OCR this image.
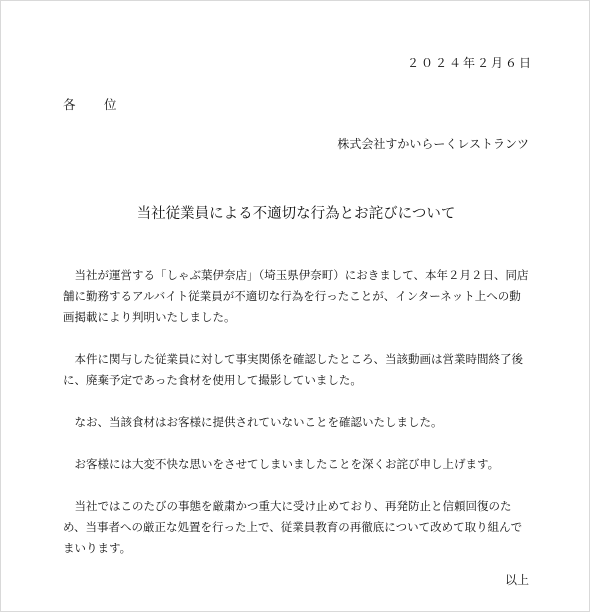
２０２４年２月６日
各　位
株式会社すかいらーくレストランツ
当社従業員による不適切な行為とお詫びについて

当社が運営する「しゃぶ葉伊奈店」（埼玉県伊奈町）におきまして、本年２月２日、同店舗に勤務するアルバイト従業員が不適切な行為を行ったことが、インターネット上への動画掲載により判明いたしました。

本件に関与した従業員に対して事実関係を確認したところ、当該動画は営業時間終了後に、廃棄予定であった食材を使用して撮影していました。

なお、当該食材はお客様に提供されていないことを確認いたしました。

お客様には大変不快な思いをさせてしまいましたことを深くお詫び申し上げます。

当社ではこのたびの事態を厳粛かつ重大に受け止めており、再発防止と信頼回復のため、当事者への厳正な処置を行った上で、従業員教育の再徹底について改めて取り組んでまいります。

以上
